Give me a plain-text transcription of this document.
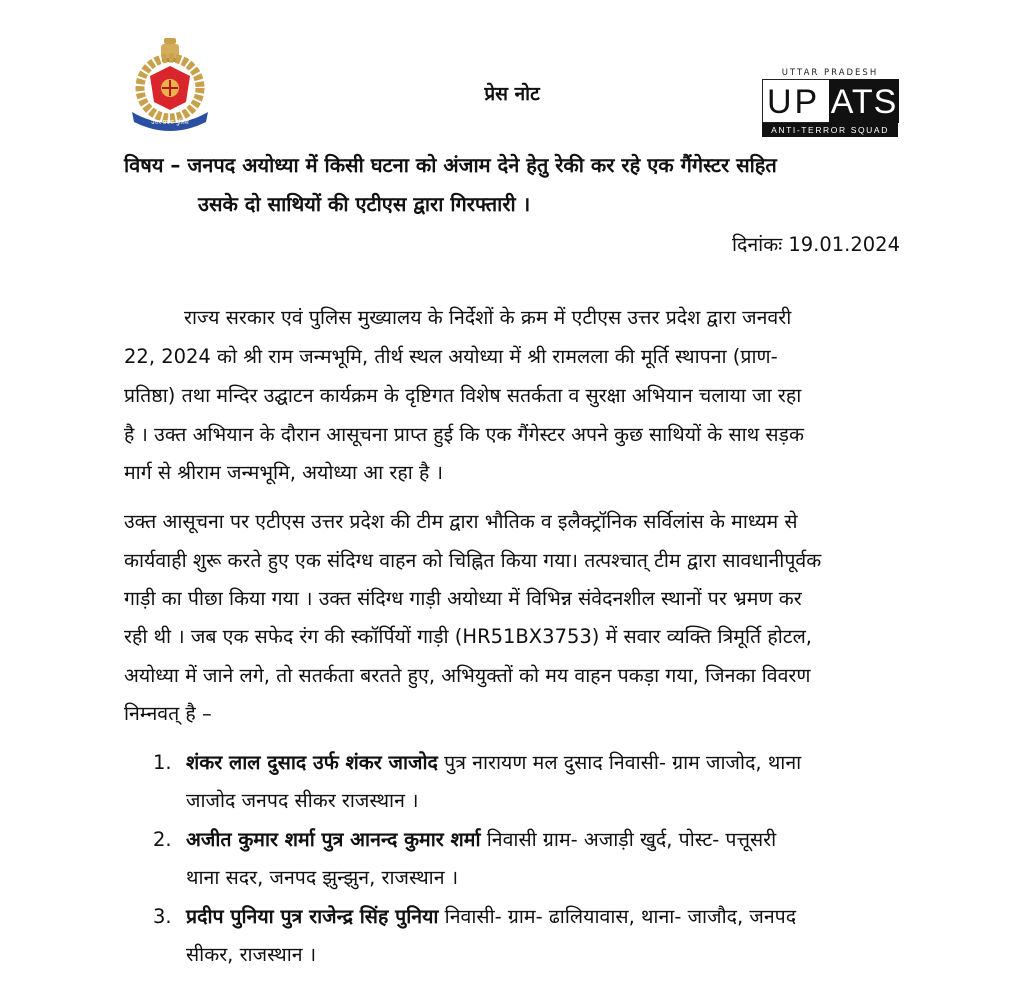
उत्तर प्रदेश पुलिस
प्रेस नोट
UTTAR PRADESH
UP ATS
ANTI-TERROR SQUAD
विषय – जनपद अयोध्या में किसी घटना को अंजाम देने हेतु रेकी कर रहे एक गैंगेस्टर सहित
उसके दो साथियों की एटीएस द्वारा गिरफ्तारी ।
दिनांकः 19.01.2024
राज्य सरकार एवं पुलिस मुख्यालय के निर्देशों के क्रम में एटीएस उत्तर प्रदेश द्वारा जनवरी
22, 2024 को श्री राम जन्मभूमि, तीर्थ स्थल अयोध्या में श्री रामलला की मूर्ति स्थापना (प्राण-
प्रतिष्ठा) तथा मन्दिर उद्घाटन कार्यक्रम के दृष्टिगत विशेष सतर्कता व सुरक्षा अभियान चलाया जा रहा
है । उक्त अभियान के दौरान आसूचना प्राप्त हुई कि एक गैंगेस्टर अपने कुछ साथियों के साथ सड़क
मार्ग से श्रीराम जन्मभूमि, अयोध्या आ रहा है ।
उक्त आसूचना पर एटीएस उत्तर प्रदेश की टीम द्वारा भौतिक व इलैक्ट्रॉनिक सर्विलांस के माध्यम से
कार्यवाही शुरू करते हुए एक संदिग्ध वाहन को चिह्नित किया गया। तत्पश्चात् टीम द्वारा सावधानीपूर्वक
गाड़ी का पीछा किया गया । उक्त संदिग्ध गाड़ी अयोध्या में विभिन्न संवेदनशील स्थानों पर भ्रमण कर
रही थी । जब एक सफेद रंग की स्कॉर्पियों गाड़ी (HR51BX3753) में सवार व्यक्ति त्रिमूर्ति होटल,
अयोध्या में जाने लगे, तो सतर्कता बरतते हुए, अभियुक्तों को मय वाहन पकड़ा गया, जिनका विवरण
निम्नवत् है –
1. शंकर लाल दुसाद उर्फ शंकर जाजोद पुत्र नारायण मल दुसाद निवासी- ग्राम जाजोद, थाना
जाजोद जनपद सीकर राजस्थान ।
2. अजीत कुमार शर्मा पुत्र आनन्द कुमार शर्मा निवासी ग्राम- अजाड़ी खुर्द, पोस्ट- पत्तूसरी
थाना सदर, जनपद झुन्झुन, राजस्थान ।
3. प्रदीप पुनिया पुत्र राजेन्द्र सिंह पुनिया निवासी- ग्राम- ढालियावास, थाना- जाजौद, जनपद
सीकर, राजस्थान ।
